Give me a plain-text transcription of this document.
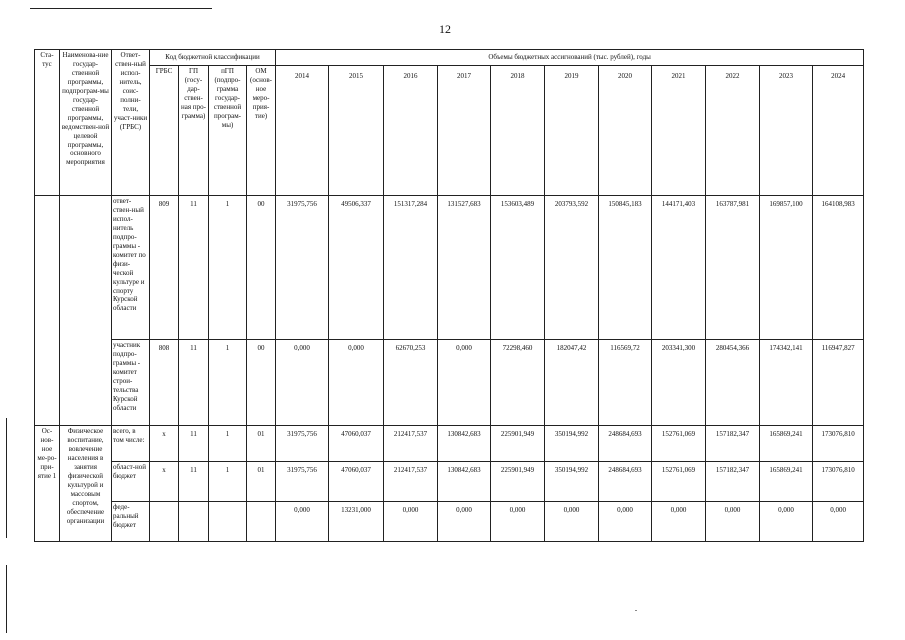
12
Ста-тус	Наименова-ние государ-ственной программы, подпрограм-мы государ-ственной программы, ведомствен-ной целевой программы, основного мероприятия	Ответ-ствен-ный испол-нитель, соис-полни-тели, участ-ники (ГРБС)	Код бюджетной классификации				Объемы бюджетных ассигнований (тыс. рублей), годы										
			ГРБС	ГП (госу-дар-ствен-ная про-грамма)	пГП (подпро-грамма государ-ственной програм-мы)	ОМ (основ-ное меро-прия-тие)	2014	2015	2016	2017	2018	2019	2020	2021	2022	2023	2024
		ответ-ствен-ный испол-нитель подпро-граммы - комитет по физи-ческой культуре и спорту Курской области	809	11	1	00	31975,756	49506,337	151317,284	131527,683	153603,489	203793,592	150845,183	144171,403	163787,981	169857,100	164108,983
		участник подпро-граммы - комитет строи-тельства Курской области	808	11	1	00	0,000	0,000	62670,253	0,000	72298,460	182047,42	116569,72	203341,300	280454,366	174342,141	116947,827
Ос-нов-ное ме-ро-при-ятие 1	Физическое воспитание, вовлечение населения в занятия физической культурой и массовым спортом, обеспечение организации	всего, в том числе:	х	11	1	01	31975,756	47060,037	212417,537	130842,683	225901,949	350194,992	248684,693	152761,069	157182,347	165869,241	173076,810
		област-ной бюджет	х	11	1	01	31975,756	47060,037	212417,537	130842,683	225901,949	350194,992	248684,693	152761,069	157182,347	165869,241	173076,810
		феде-ральный бюджет					0,000	13231,000	0,000	0,000	0,000	0,000	0,000	0,000	0,000	0,000	0,000
